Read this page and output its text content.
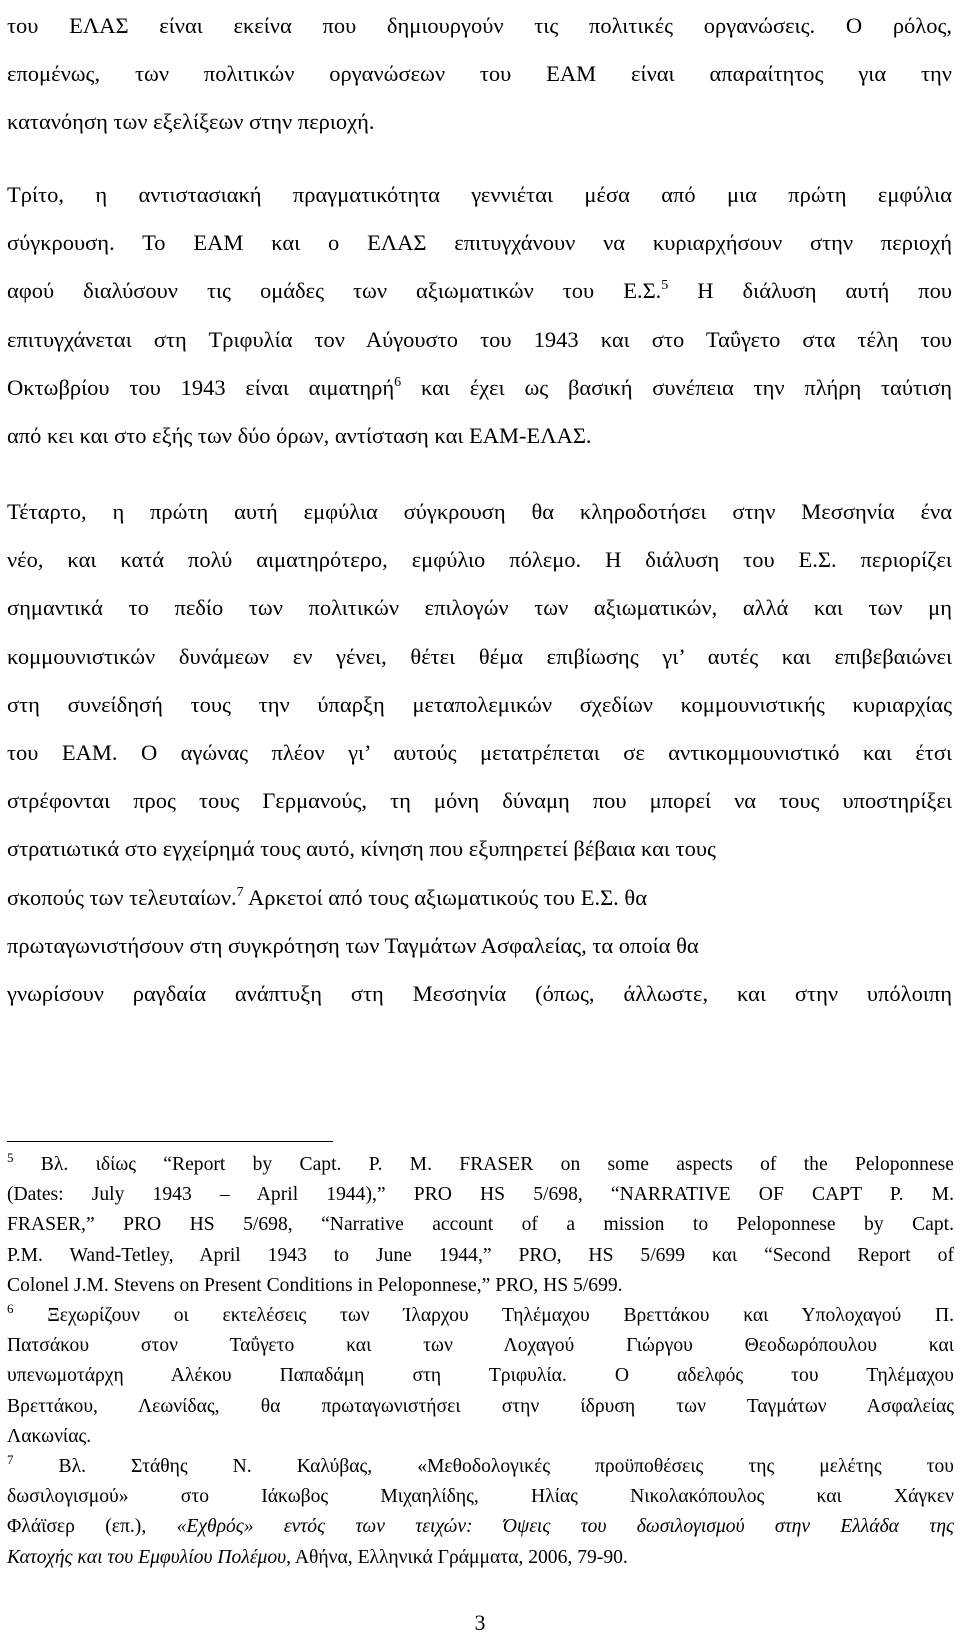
του ΕΛΑΣ είναι εκείνα που δημιουργούν τις πολιτικές οργανώσεις. Ο ρόλος,
επομένως, των πολιτικών οργανώσεων του ΕΑΜ είναι απαραίτητος για την
κατανόηση των εξελίξεων στην περιοχή.
Τρίτο, η αντιστασιακή πραγματικότητα γεννιέται μέσα από μια πρώτη εμφύλια
σύγκρουση. Το ΕΑΜ και ο ΕΛΑΣ επιτυγχάνουν να κυριαρχήσουν στην περιοχή
αφού διαλύσουν τις ομάδες των αξιωματικών του Ε.Σ.$^5$ Η διάλυση αυτή που
επιτυγχάνεται στη Τριφυλία τον Αύγουστο του 1943 και στο Ταΰγετο στα τέλη του
Οκτωβρίου του 1943 είναι αιματηρή$^6$ και έχει ως βασική συνέπεια την πλήρη ταύτιση
από κει και στο εξής των δύο όρων, αντίσταση και ΕΑΜ-ΕΛΑΣ.
Τέταρτο, η πρώτη αυτή εμφύλια σύγκρουση θα κληροδοτήσει στην Μεσσηνία ένα
νέο, και κατά πολύ αιματηρότερο, εμφύλιο πόλεμο. Η διάλυση του Ε.Σ. περιορίζει
σημαντικά το πεδίο των πολιτικών επιλογών των αξιωματικών, αλλά και των μη
κομμουνιστικών δυνάμεων εν γένει, θέτει θέμα επιβίωσης γι’ αυτές και επιβεβαιώνει
στη συνείδησή τους την ύπαρξη μεταπολεμικών σχεδίων κομμουνιστικής κυριαρχίας
του ΕΑΜ. Ο αγώνας πλέον γι’ αυτούς μετατρέπεται σε αντικομμουνιστικό και έτσι
στρέφονται προς τους Γερμανούς, τη μόνη δύναμη που μπορεί να τους υποστηρίξει
στρατιωτικά στο εγχείρημά τους αυτό, κίνηση που εξυπηρετεί βέβαια και τους
σκοπούς των τελευταίων.$^7$ Αρκετοί από τους αξιωματικούς του Ε.Σ. θα
πρωταγωνιστήσουν στη συγκρότηση των Ταγμάτων Ασφαλείας, τα οποία θα
γνωρίσουν ραγδαία ανάπτυξη στη Μεσσηνία (όπως, άλλωστε, και στην υπόλοιπη
$^5$ Βλ. ιδίως “Report by Capt. P. M. FRASER on some aspects of the Peloponnese
(Dates: July 1943 – April 1944),” PRO HS 5/698, “NARRATIVE OF CAPT P. M.
FRASER,” PRO HS 5/698, “Narrative account of a mission to Peloponnese by Capt.
P.M. Wand-Tetley, April 1943 to June 1944,” PRO, HS 5/699 και “Second Report of
Colonel J.M. Stevens on Present Conditions in Peloponnese,” PRO, HS 5/699.
$^6$ Ξεχωρίζουν οι εκτελέσεις των Ίλαρχου Τηλέμαχου Βρεττάκου και Υπολοχαγού Π.
Πατσάκου στον Ταΰγετο και των Λοχαγού Γιώργου Θεοδωρόπουλου και
υπενωμοτάρχη Αλέκου Παπαδάμη στη Τριφυλία. Ο αδελφός του Τηλέμαχου
Βρεττάκου, Λεωνίδας, θα πρωταγωνιστήσει στην ίδρυση των Ταγμάτων Ασφαλείας
Λακωνίας.
$^7$ Βλ. Στάθης Ν. Καλύβας, «Μεθοδολογικές προϋποθέσεις της μελέτης του
δωσιλογισμού» στο Ιάκωβος Μιχαηλίδης, Ηλίας Νικολακόπουλος και Χάγκεν
Φλάϊσερ (επ.), «Εχθρός» εντός των τειχών: Όψεις του δωσιλογισμού στην Ελλάδα της
Κατοχής και του Εμφυλίου Πολέμου, Αθήνα, Ελληνικά Γράμματα, 2006, 79-90.
3
